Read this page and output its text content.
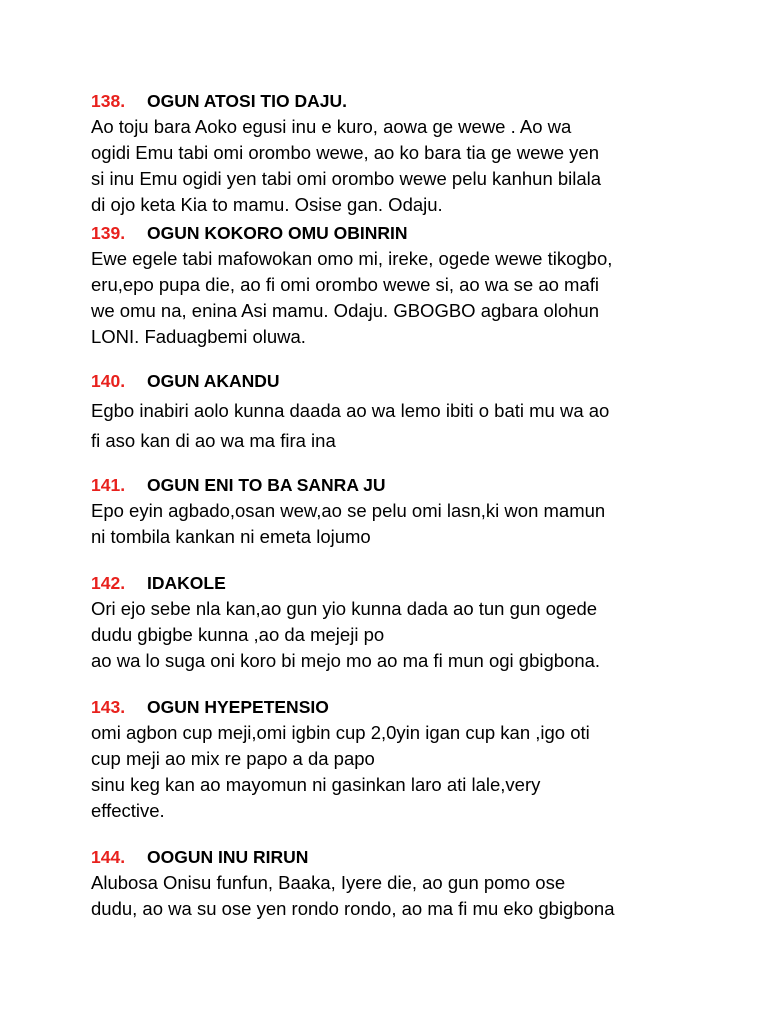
138. OGUN ATOSI TIO DAJU.
Ao toju bara Aoko egusi inu e kuro, aowa ge wewe . Ao wa
ogidi Emu tabi omi orombo wewe, ao ko bara tia ge wewe yen
si inu Emu ogidi yen tabi omi orombo wewe pelu kanhun bilala
di ojo keta Kia to mamu. Osise gan. Odaju.
139. OGUN KOKORO OMU OBINRIN
Ewe egele tabi mafowokan omo mi, ireke, ogede wewe tikogbo,
eru,epo pupa die, ao fi omi orombo wewe si, ao wa se ao mafi
we omu na, enina Asi mamu. Odaju. GBOGBO agbara olohun
LONI. Faduagbemi oluwa.
140. OGUN AKANDU
Egbo inabiri aolo kunna daada ao wa lemo ibiti o bati mu wa ao
fi aso kan di ao wa ma fira ina
141. OGUN ENI TO BA SANRA JU
Epo eyin agbado,osan wew,ao se pelu omi lasn,ki won mamun
ni tombila kankan ni emeta lojumo
142. IDAKOLE
Ori ejo sebe nla kan,ao gun yio kunna dada ao tun gun ogede
dudu gbigbe kunna ,ao da mejeji po
ao wa lo suga oni koro bi mejo mo ao ma fi mun ogi gbigbona.
143. OGUN HYEPETENSIO
omi agbon cup meji,omi igbin cup 2,0yin igan cup kan ,igo oti
cup meji ao mix re papo a da papo
sinu keg kan ao mayomun ni gasinkan laro ati lale,very
effective.
144. OOGUN INU RIRUN
Alubosa Onisu funfun, Baaka, Iyere die, ao gun pomo ose
dudu, ao wa su ose yen rondo rondo, ao ma fi mu eko gbigbona
